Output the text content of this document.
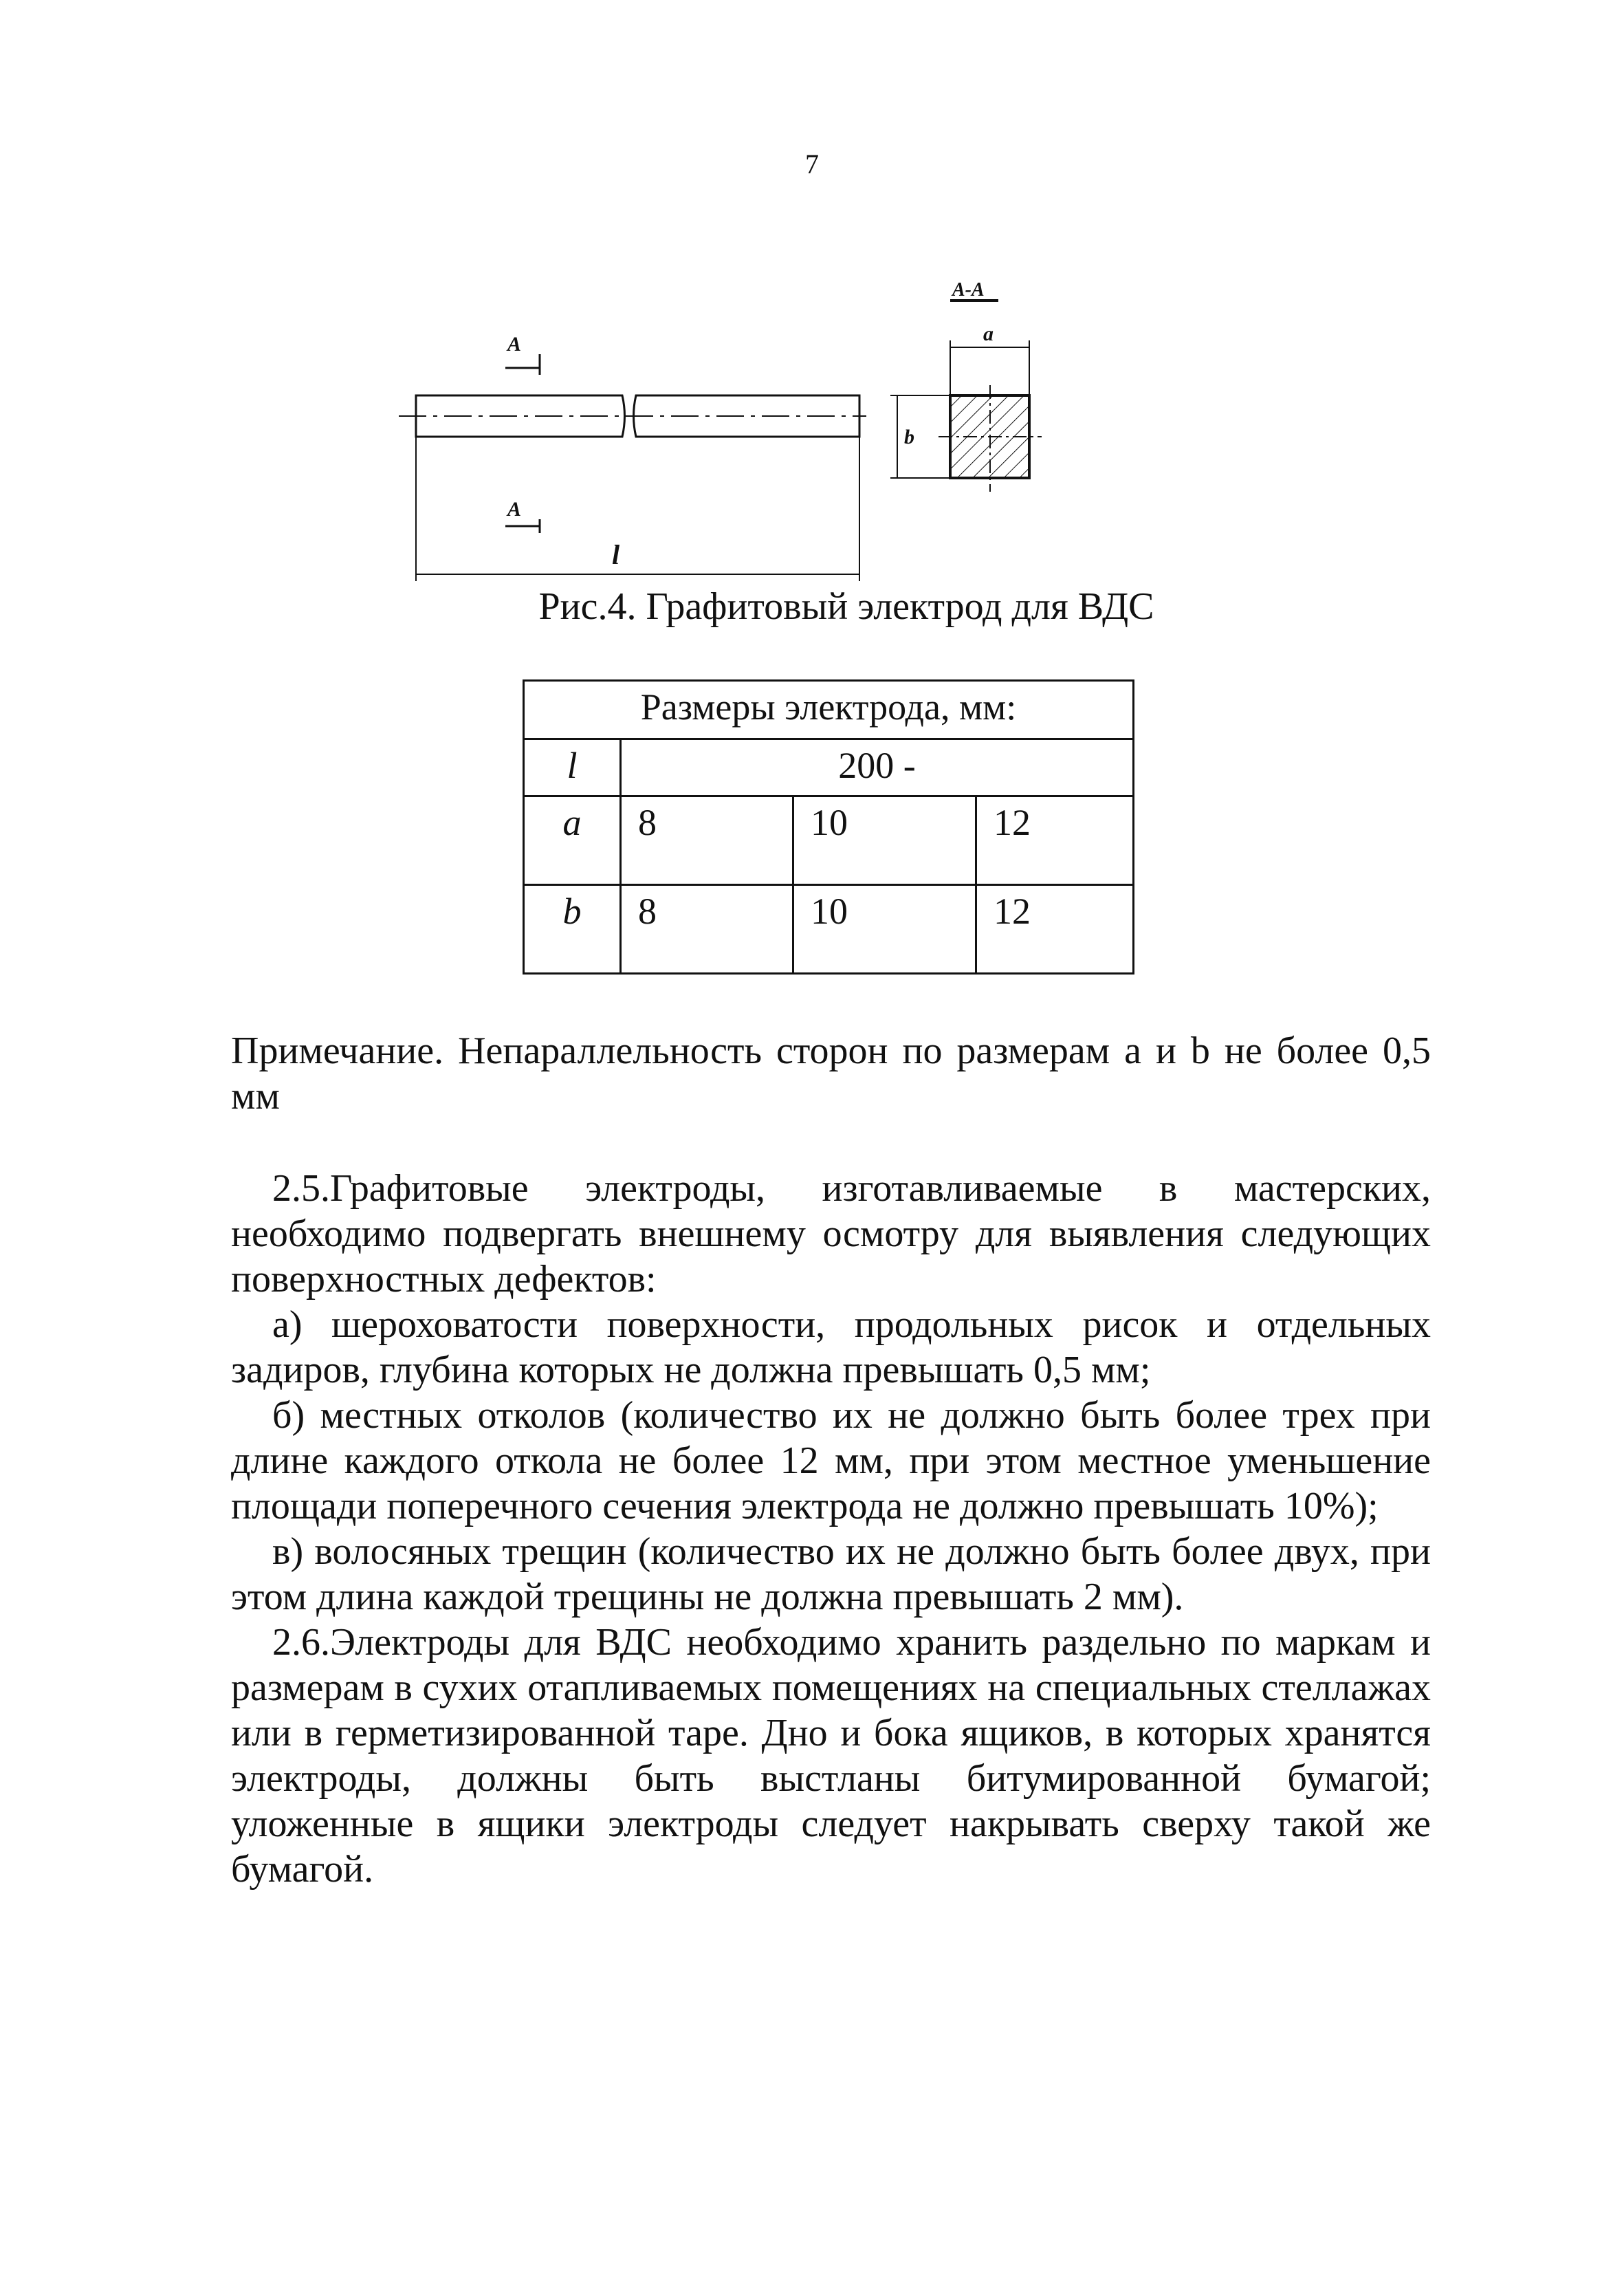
7
А
А
l
А-А
a
b
Рис.4. Графитовый электрод для ВДС
Размеры электрода, мм:			
l	200 -		
a	8	10	12
b	8	10	12
Примечание. Непараллельность сторон по размерам a и b не более 0,5 мм

2.5.Графитовые электроды, изготавливаемые в мастерских, необходимо подвергать внешнему осмотру для выявления следующих поверхностных дефектов:

а) шероховатости поверхности, продольных рисок и отдельных задиров, глубина которых не должна превышать 0,5 мм;

б) местных отколов (количество их не должно быть более трех при длине каждого откола не более 12 мм, при этом местное уменьшение площади поперечного сечения электрода не должно превышать 10%);

в) волосяных трещин (количество их не должно быть более двух, при этом длина каждой трещины не должна превышать 2 мм).

2.6.Электроды для ВДС необходимо хранить раздельно по маркам и размерам в сухих отапливаемых помещениях на специальных стеллажах или в герметизированной таре. Дно и бока ящиков, в которых хранятся электроды, должны быть выстланы битумированной бумагой; уложенные в ящики электроды следует накрывать сверху такой же бумагой.
